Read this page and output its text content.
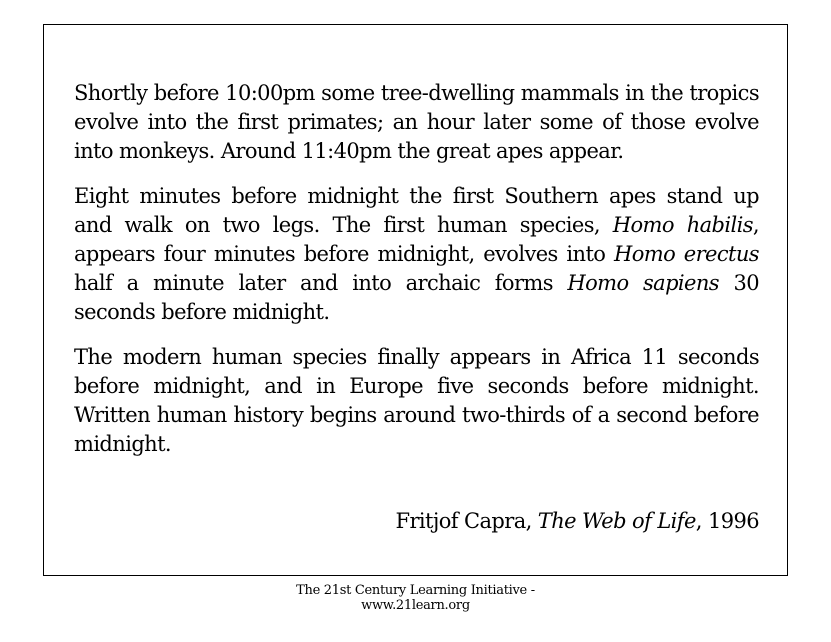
Shortly before 10:00pm some tree-dwelling mammals in the tropics evolve into the first primates; an hour later some of those evolve into monkeys. Around 11:40pm the great apes appear.

Eight minutes before midnight the first Southern apes stand up and walk on two legs. The first human species, Homo habilis, appears four minutes before midnight, evolves into Homo erectus half a minute later and into archaic forms Homo sapiens 30 seconds before midnight.

The modern human species finally appears in Africa 11 seconds before midnight, and in Europe five seconds before midnight. Written human history begins around two-thirds of a second before midnight.

Fritjof Capra, The Web of Life, 1996
The 21st Century Learning Initiative -
www.21learn.org
